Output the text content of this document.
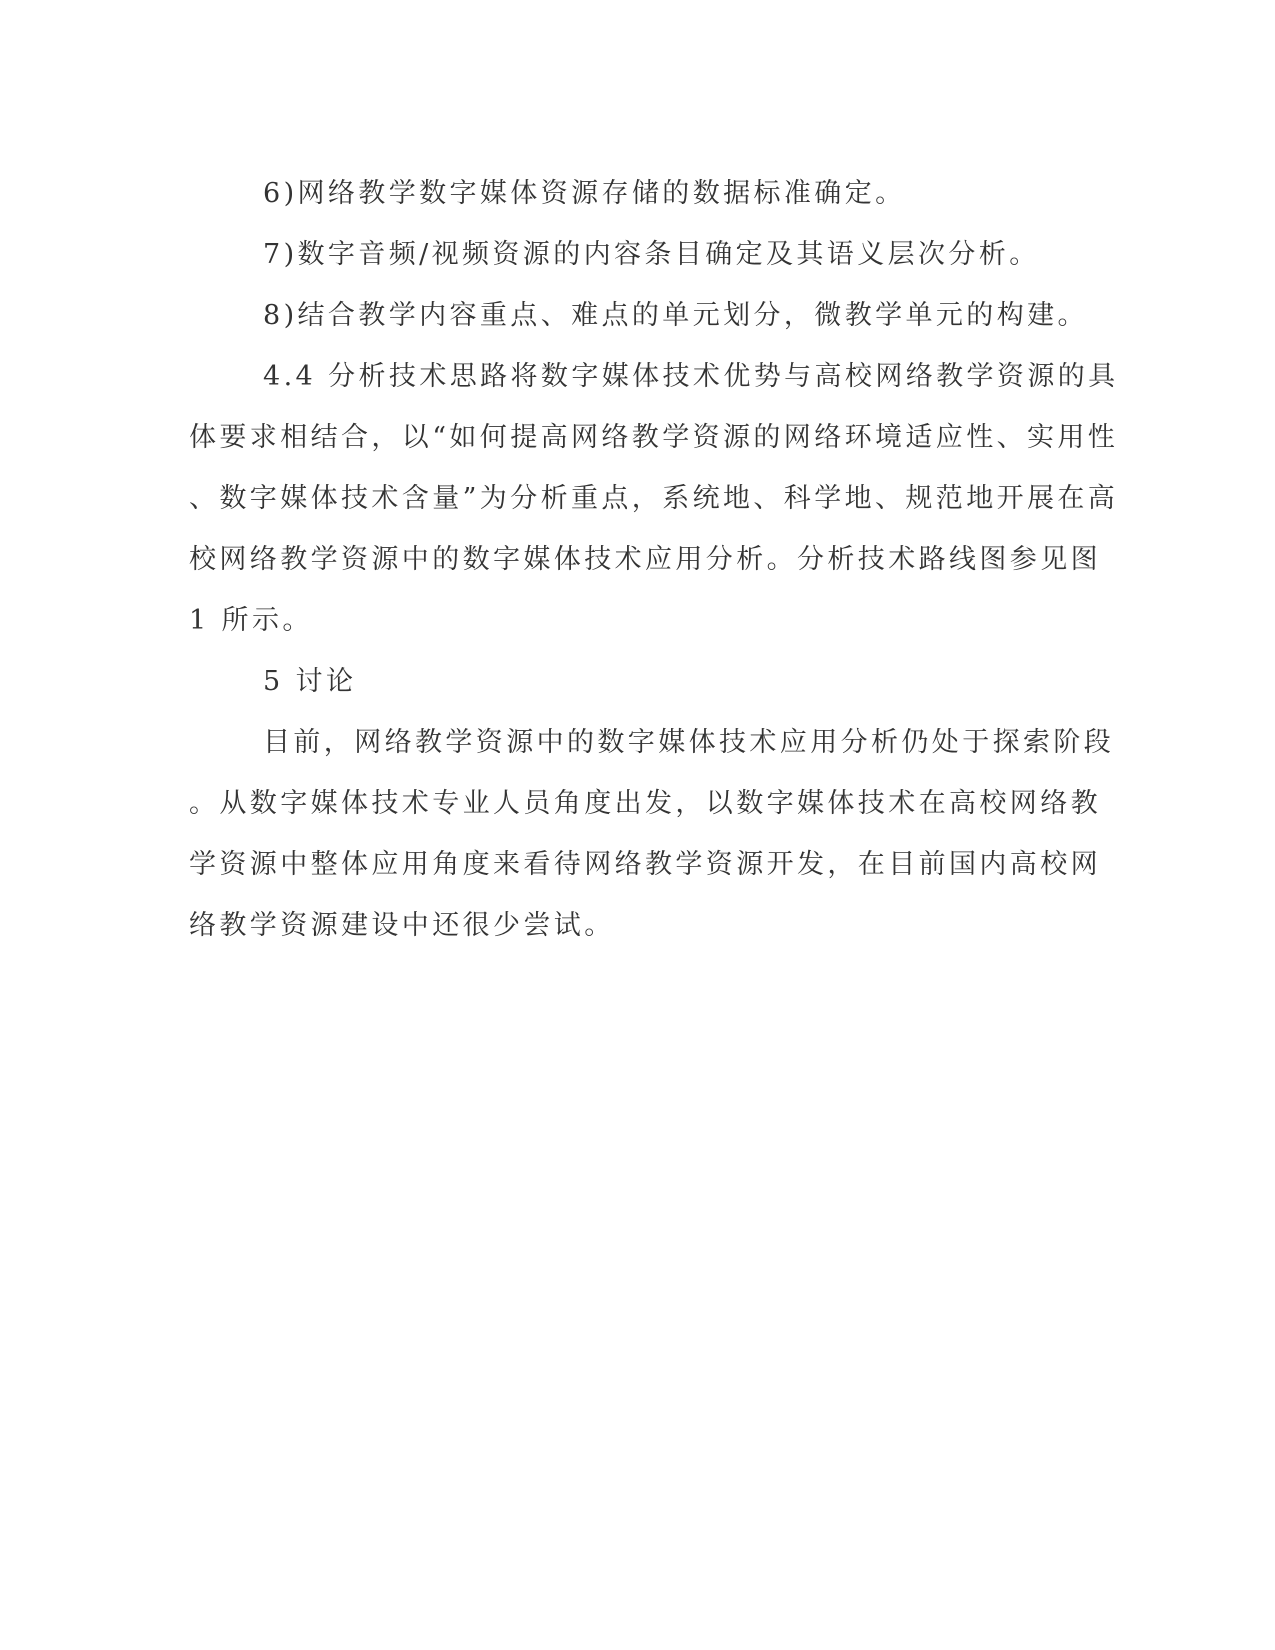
6)网络教学数字媒体资源存储的数据标准确定。
7)数字音频/视频资源的内容条目确定及其语义层次分析。
8)结合教学内容重点、难点的单元划分，微教学单元的构建。
4.4 分析技术思路将数字媒体技术优势与高校网络教学资源的具
体要求相结合，以“如何提高网络教学资源的网络环境适应性、实用性
、数字媒体技术含量”为分析重点，系统地、科学地、规范地开展在高
校网络教学资源中的数字媒体技术应用分析。分析技术路线图参见图
1 所示。
5 讨论
目前，网络教学资源中的数字媒体技术应用分析仍处于探索阶段
。从数字媒体技术专业人员角度出发，以数字媒体技术在高校网络教
学资源中整体应用角度来看待网络教学资源开发，在目前国内高校网
络教学资源建设中还很少尝试。
